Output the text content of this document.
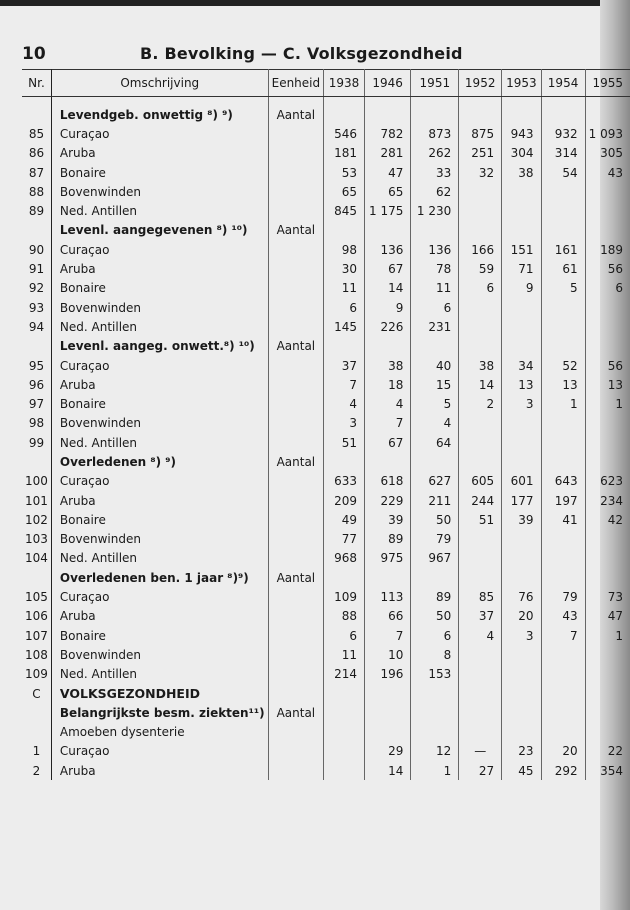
10	B. Bevolking — C. Volksgezondheid
Nr.	Omschrijving	Eenheid	1938	1946	1951	1952	1953	1954	1955

	Levendgeb. onwettig ⁸) ⁹)	Aantal							
85	Curaçao		546	782	873	875	943	932	1 093
86	Aruba		181	281	262	251	304	314	305
87	Bonaire		53	47	33	32	38	54	43
88	Bovenwinden		65	65	62				
89	Ned. Antillen		845	1 175	1 230				
	Levenl. aangegevenen ⁸) ¹⁰)	Aantal							
90	Curaçao		98	136	136	166	151	161	189
91	Aruba		30	67	78	59	71	61	56
92	Bonaire		11	14	11	6	9	5	6
93	Bovenwinden		6	9	6				
94	Ned. Antillen		145	226	231				
	Levenl. aangeg. onwett.⁸) ¹⁰)	Aantal							
95	Curaçao		37	38	40	38	34	52	56
96	Aruba		7	18	15	14	13	13	13
97	Bonaire		4	4	5	2	3	1	1
98	Bovenwinden		3	7	4				
99	Ned. Antillen		51	67	64				
	Overledenen ⁸) ⁹)	Aantal							
100	Curaçao		633	618	627	605	601	643	623
101	Aruba		209	229	211	244	177	197	234
102	Bonaire		49	39	50	51	39	41	42
103	Bovenwinden		77	89	79				
104	Ned. Antillen		968	975	967				
	Overledenen ben. 1 jaar ⁸)⁹)	Aantal							
105	Curaçao		109	113	89	85	76	79	73
106	Aruba		88	66	50	37	20	43	47
107	Bonaire		6	7	6	4	3	7	1
108	Bovenwinden		11	10	8				
109	Ned. Antillen		214	196	153				
C	VOLKSGEZONDHEID								
	Belangrijkste besm. ziekten¹¹)	Aantal							
	Amoeben dysenterie								
1	Curaçao			29	12	—	23	20	22
2	Aruba			14	1	27	45	292	354
